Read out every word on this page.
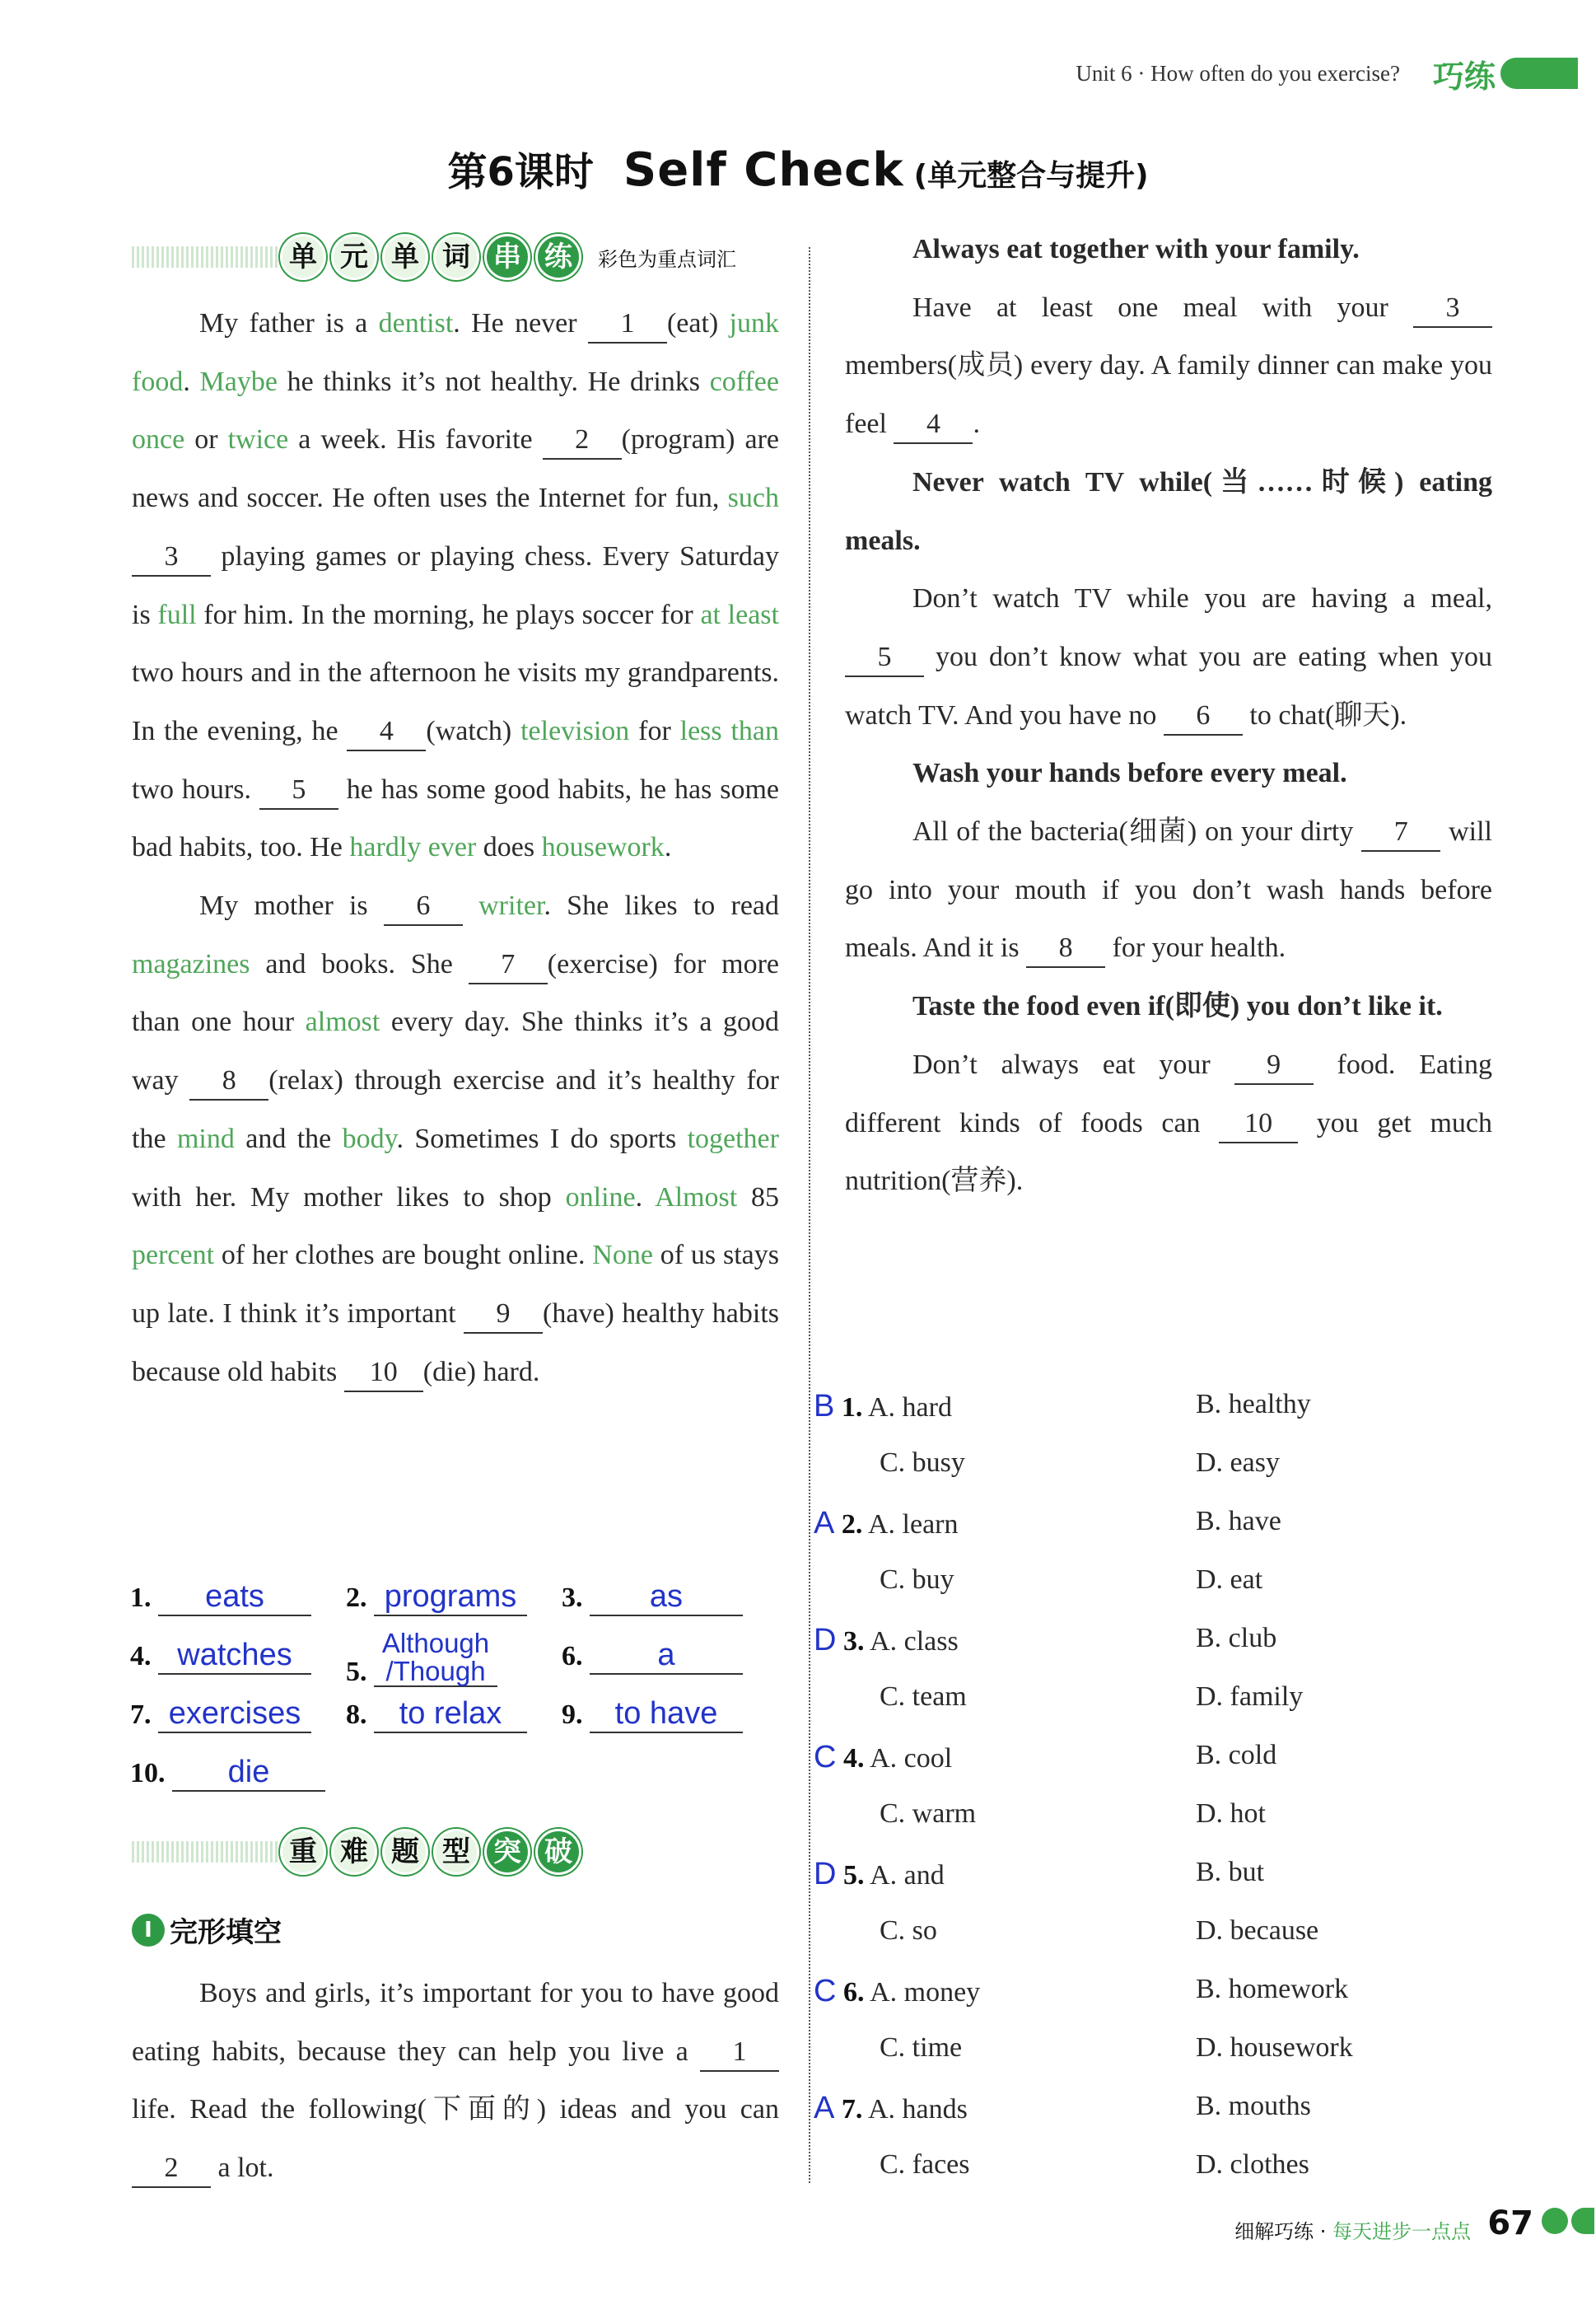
Unit 6 · How often do you exercise? 巧练
第6课时 Self Check (单元整合与提升)
单 元 单 词 串 练	彩色为重点词汇
My father is a dentist. He never 1 (eat) junk food. Maybe he thinks it’s not healthy. He drinks coffee once or twice a week. His favorite 2 (program) are news and soccer. He often uses the Internet for fun, such 3 playing games or playing chess. Every Saturday is full for him. In the morning, he plays soccer for at least two hours and in the afternoon he visits my grandparents. In the evening, he 4 (watch) television for less than two hours. 5 he has some good habits, he has some bad habits, too. He hardly ever does housework.
My mother is 6 writer. She likes to read magazines and books. She 7 (exercise) for more than one hour almost every day. She thinks it’s a good way 8 (relax) through exercise and it’s healthy for the mind and the body. Sometimes I do sports together with her. My mother likes to shop online. Almost 85 percent of her clothes are bought online. None of us stays up late. I think it’s important 9 (have) healthy habits because old habits 10 (die) hard.
1. eats	2. programs	3. as
4. watches	5. Although /Though	6. a
7. exercises	8. to relax	9. to have
10. die
重 难 题 型 突 破
Ⅰ 完形填空
Boys and girls, it’s important for you to have good eating habits, because they can help you live a 1 life. Read the following(下面的) ideas and you can 2 a lot.
Always eat together with your family.
Have at least one meal with your 3 members(成员) every day. A family dinner can make you feel 4 .
Never watch TV while(当……时候) eating meals.
Don’t watch TV while you are having a meal, 5 you don’t know what you are eating when you watch TV. And you have no 6 to chat(聊天).
Wash your hands before every meal.
All of the bacteria(细菌) on your dirty 7 will go into your mouth if you don’t wash hands before meals. And it is 8 for your health.
Taste the food even if(即使) you don’t like it.
Don’t always eat your 9 food. Eating different kinds of foods can 10 you get much nutrition(营养).
B 1. A. hard	B. healthy
C. busy	D. easy
A 2. A. learn	B. have
C. buy	D. eat
D 3. A. class	B. club
C. team	D. family
C 4. A. cool	B. cold
C. warm	D. hot
D 5. A. and	B. but
C. so	D. because
C 6. A. money	B. homework
C. time	D. housework
A 7. A. hands	B. mouths
C. faces	D. clothes
细解巧练 · 每天进步一点点 67
